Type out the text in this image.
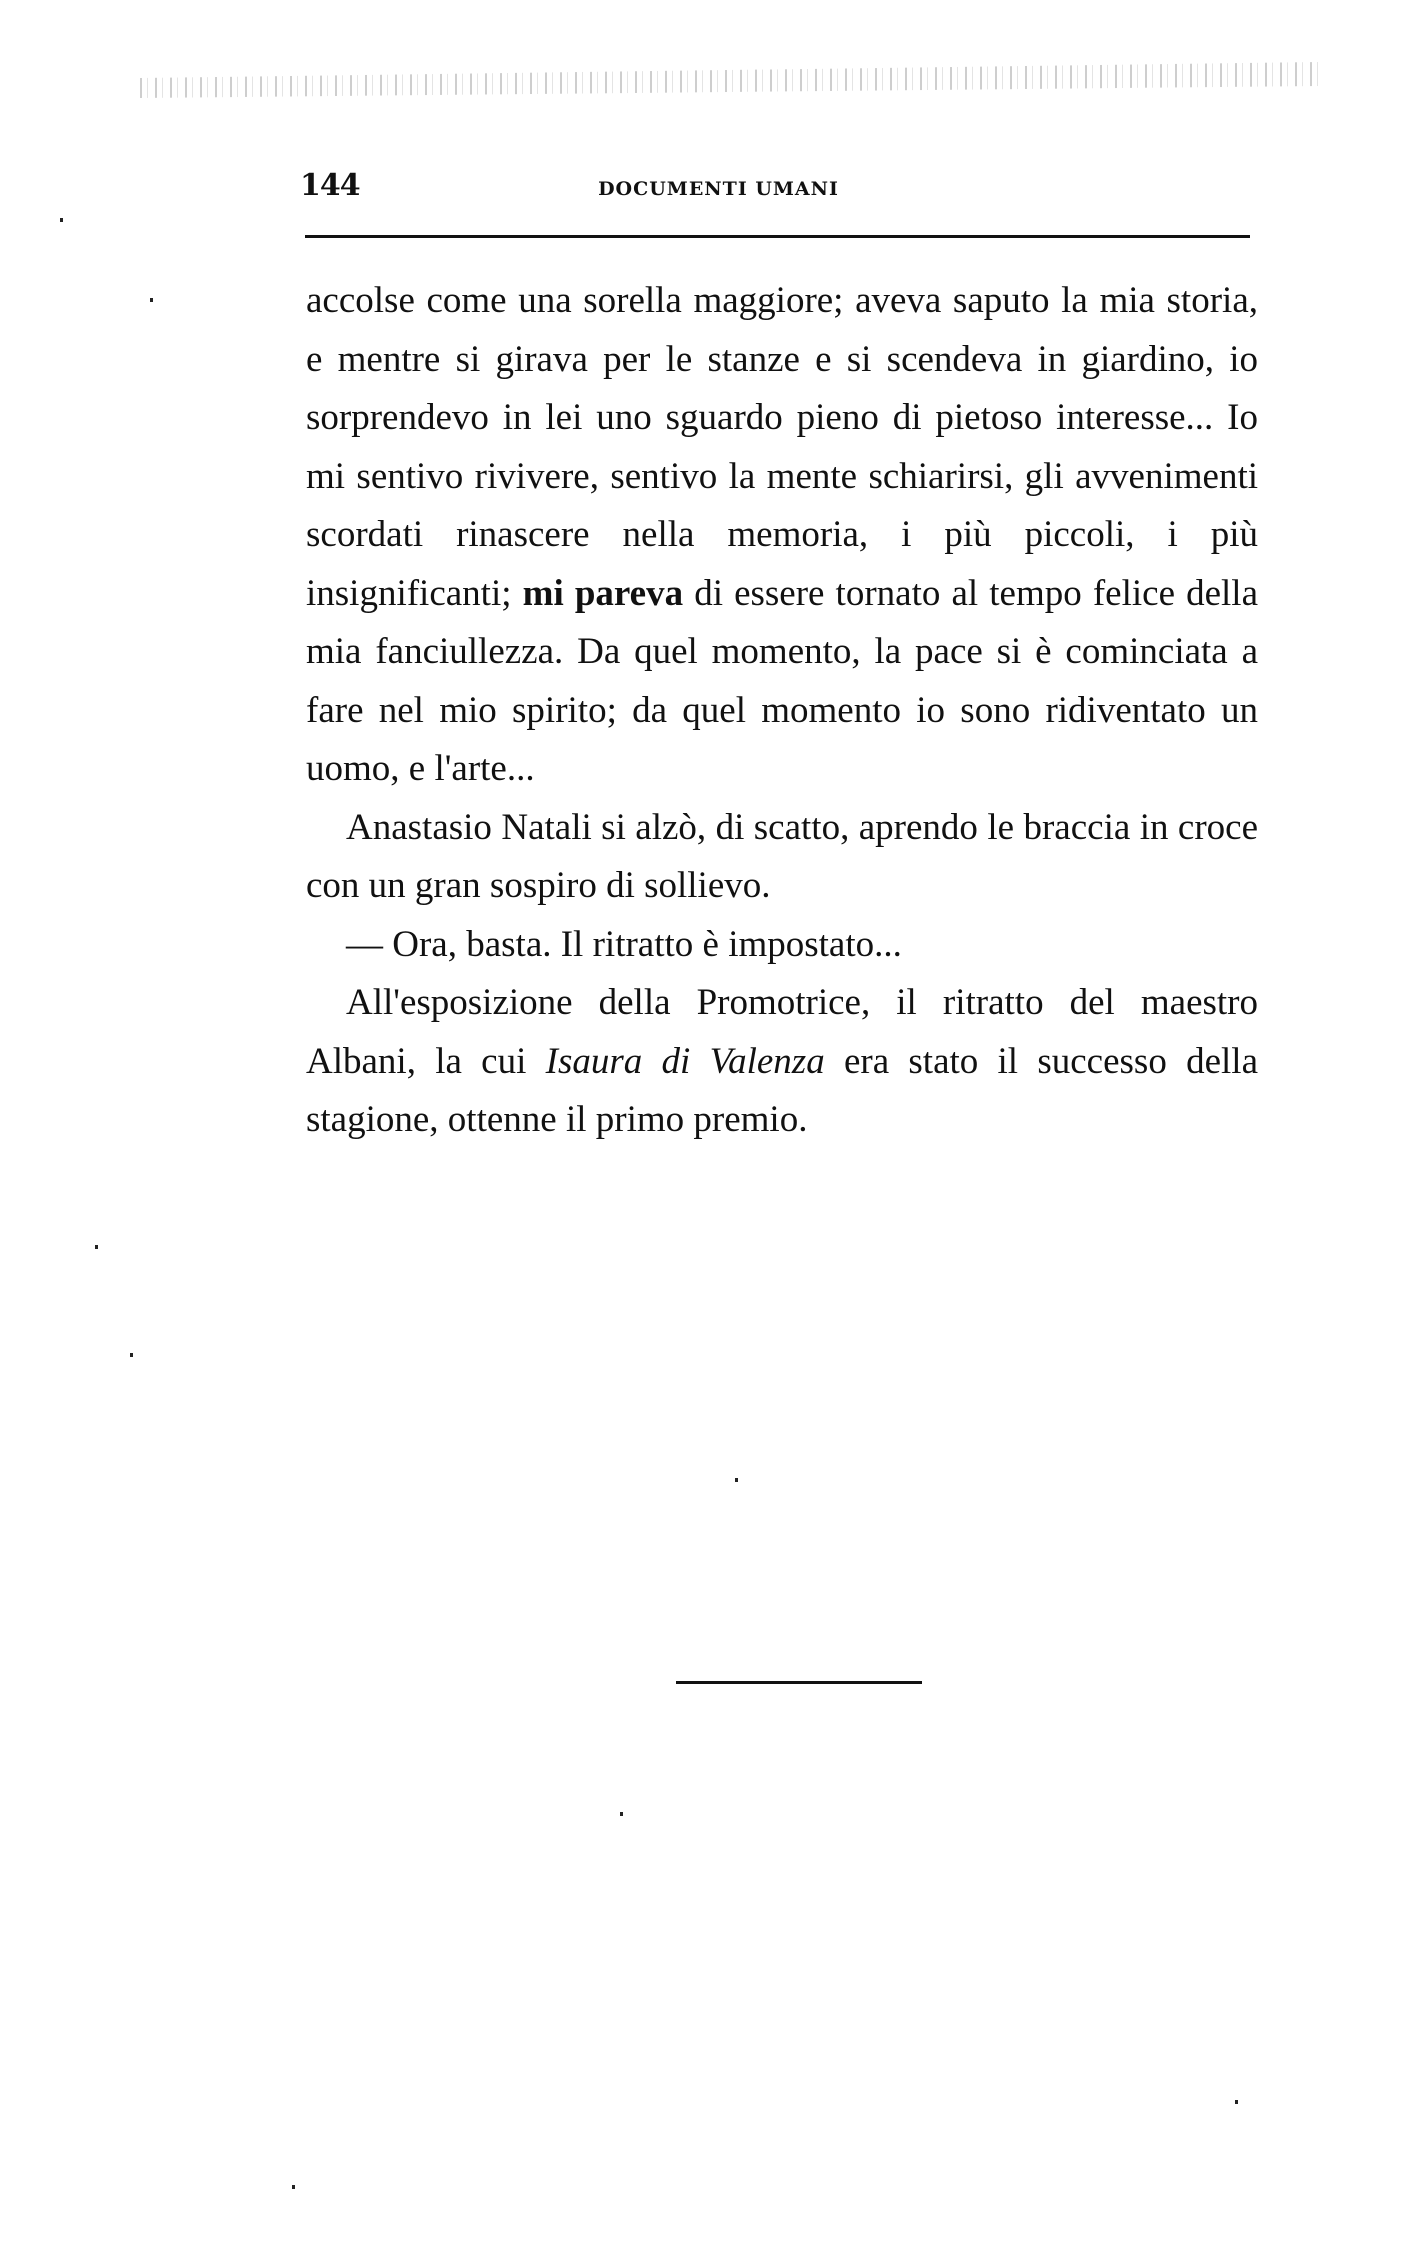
144	DOCUMENTI UMANI

accolse come una sorella maggiore; aveva saputo la mia storia, e mentre si girava per le stanze e si scendeva in giardino, io sorprendevo in lei uno sguardo pieno di pietoso interesse... Io mi sentivo rivivere, sentivo la mente schiarirsi, gli avvenimenti scordati rinascere nella memoria, i più piccoli, i più insignificanti; mi pareva di essere tornato al tempo felice della mia fanciullezza. Da quel momento, la pace si è cominciata a fare nel mio spirito; da quel momento io sono ridiventato un uomo, e l'arte...

Anastasio Natali si alzò, di scatto, aprendo le braccia in croce con un gran sospiro di sollievo.

— Ora, basta. Il ritratto è impostato...

All'esposizione della Promotrice, il ritratto del maestro Albani, la cui Isaura di Valenza era stato il successo della stagione, ottenne il primo premio.
